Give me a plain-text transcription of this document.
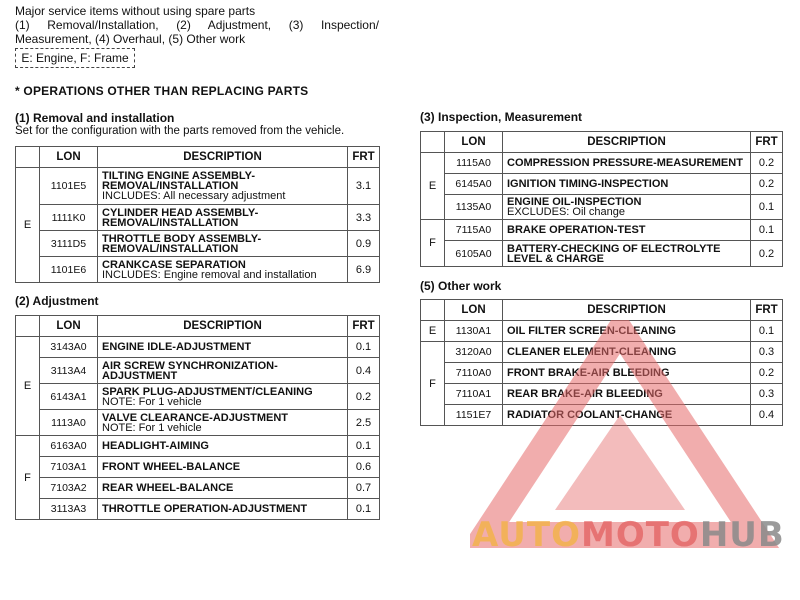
Major service items without using spare parts
(1) Removal/Installation, (2) Adjustment, (3) Inspection/
Measurement, (4) Overhaul, (5) Other work
E: Engine, F: Frame
* OPERATIONS OTHER THAN REPLACING PARTS
(1) Removal and installation
Set for the configuration with the parts removed from the vehicle.
	LON	DESCRIPTION	FRT
E	1101E5	TILTING ENGINE ASSEMBLY-REMOVAL/INSTALLATION
INCLUDES: All necessary adjustment	3.1
	1111K0	CYLINDER HEAD ASSEMBLY-REMOVAL/INSTALLATION	3.3
	3111D5	THROTTLE BODY ASSEMBLY-REMOVAL/INSTALLATION	0.9
	1101E6	CRANKCASE SEPARATION
INCLUDES: Engine removal and installation	6.9
(2) Adjustment
	LON	DESCRIPTION	FRT
E	3143A0	ENGINE IDLE-ADJUSTMENT	0.1
	3113A4	AIR SCREW SYNCHRONIZATION-ADJUSTMENT	0.4
	6143A1	SPARK PLUG-ADJUSTMENT/CLEANING
NOTE: For 1 vehicle	0.2
	1113A0	VALVE CLEARANCE-ADJUSTMENT
NOTE: For 1 vehicle	2.5
F	6163A0	HEADLIGHT-AIMING	0.1
	7103A1	FRONT WHEEL-BALANCE	0.6
	7103A2	REAR WHEEL-BALANCE	0.7
	3113A3	THROTTLE OPERATION-ADJUSTMENT	0.1
(3) Inspection, Measurement
	LON	DESCRIPTION	FRT
E	1115A0	COMPRESSION PRESSURE-MEASUREMENT	0.2
	6145A0	IGNITION TIMING-INSPECTION	0.2
	1135A0	ENGINE OIL-INSPECTION
EXCLUDES: Oil change	0.1
F	7115A0	BRAKE OPERATION-TEST	0.1
	6105A0	BATTERY-CHECKING OF ELECTROLYTE LEVEL & CHARGE	0.2
(5) Other work
	LON	DESCRIPTION	FRT
E	1130A1	OIL FILTER SCREEN-CLEANING	0.1
F	3120A0	CLEANER ELEMENT-CLEANING	0.3
	7110A0	FRONT BRAKE-AIR BLEEDING	0.2
	7110A1	REAR BRAKE-AIR BLEEDING	0.3
	1151E7	RADIATOR COOLANT-CHANGE	0.4
AUTOMOTOHUB
